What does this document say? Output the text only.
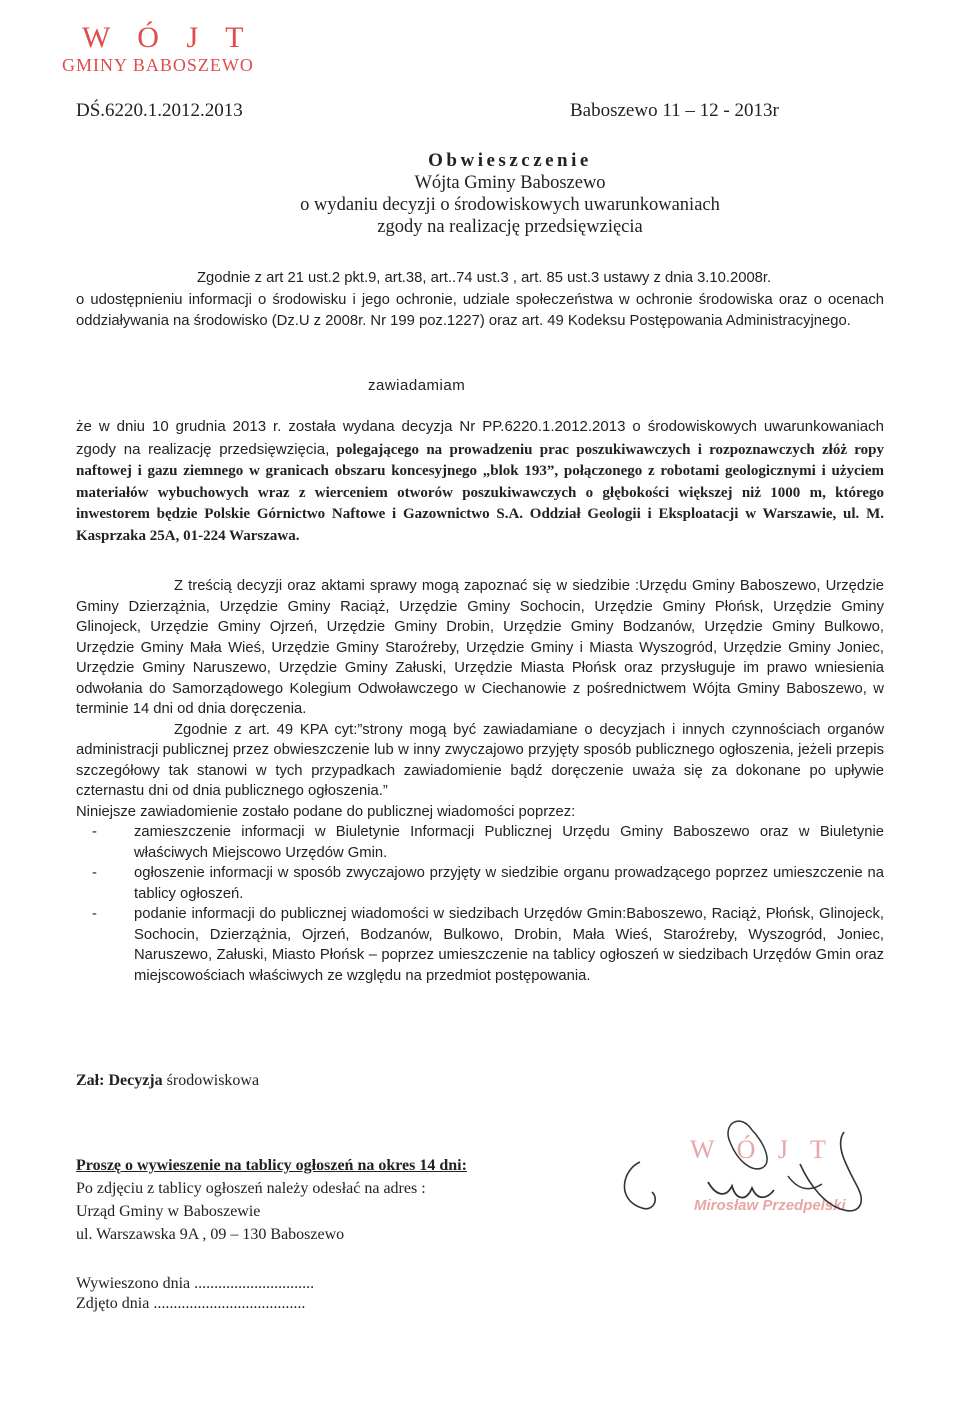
W Ó J T
GMINY BABOSZEWO
DŚ.6220.1.2012.2013	Baboszewo 11 – 12 - 2013r
Obwieszczenie
Wójta Gminy Baboszewo
o wydaniu decyzji o środowiskowych uwarunkowaniach
zgody na realizację przedsięwzięcia
Zgodnie z art 21 ust.2 pkt.9, art.38, art..74 ust.3 , art. 85 ust.3 ustawy z dnia 3.10.2008r.
o udostępnieniu informacji o środowisku i jego ochronie, udziale społeczeństwa w ochronie środowiska oraz o ocenach oddziaływania na środowisko (Dz.U z 2008r. Nr 199 poz.1227) oraz art. 49 Kodeksu Postępowania Administracyjnego.
zawiadamiam
że w dniu 10 grudnia 2013 r. została wydana decyzja Nr PP.6220.1.2012.2013 o środowiskowych uwarunkowaniach zgody na realizację przedsięwzięcia, polegającego na prowadzeniu prac poszukiwawczych i rozpoznawczych złóż ropy naftowej i gazu ziemnego w granicach obszaru koncesyjnego „blok 193”, połączonego z robotami geologicznymi i użyciem materiałów wybuchowych wraz z wierceniem otworów poszukiwawczych o głębokości większej niż 1000 m, którego inwestorem będzie Polskie Górnictwo Naftowe i Gazownictwo S.A. Oddział Geologii i Eksploatacji w Warszawie, ul. M. Kasprzaka 25A, 01-224 Warszawa.

Z treścią decyzji oraz aktami sprawy mogą zapoznać się w siedzibie :Urzędu Gminy Baboszewo, Urzędzie Gminy Dzierzążnia, Urzędzie Gminy Raciąż, Urzędzie Gminy Sochocin, Urzędzie Gminy Płońsk, Urzędzie Gminy Glinojeck, Urzędzie Gminy Ojrzeń, Urzędzie Gminy Drobin, Urzędzie Gminy Bodzanów, Urzędzie Gminy Bulkowo, Urzędzie Gminy Mała Wieś, Urzędzie Gminy Staroźreby, Urzędzie Gminy i Miasta Wyszogród, Urzędzie Gminy Joniec, Urzędzie Gminy Naruszewo, Urzędzie Gminy Załuski, Urzędzie Miasta Płońsk oraz przysługuje im prawo wniesienia odwołania do Samorządowego Kolegium Odwoławczego w Ciechanowie z pośrednictwem Wójta Gminy Baboszewo, w terminie 14 dni od dnia doręczenia.

Zgodnie z art. 49 KPA cyt:”strony mogą być zawiadamiane o decyzjach i innych czynnościach organów administracji publicznej przez obwieszczenie lub w inny zwyczajowo przyjęty sposób publicznego ogłoszenia, jeżeli przepis szczegółowy tak stanowi w tych przypadkach zawiadomienie bądź doręczenie uważa się za dokonane po upływie czternastu dni od dnia publicznego ogłoszenia.”

Niniejsze zawiadomienie zostało podane do publicznej wiadomości poprzez:

- zamieszczenie informacji w Biuletynie Informacji Publicznej Urzędu Gminy Baboszewo oraz w Biuletynie właściwych Miejscowo Urzędów Gmin.
- ogłoszenie informacji w sposób zwyczajowo przyjęty w siedzibie organu prowadzącego poprzez umieszczenie na tablicy ogłoszeń.
- podanie informacji do publicznej wiadomości w siedzibach Urzędów Gmin:Baboszewo, Raciąż, Płońsk, Glinojeck, Sochocin, Dzierzążnia, Ojrzeń, Bodzanów, Bulkowo, Drobin, Mała Wieś, Staroźreby, Wyszogród, Joniec, Naruszewo, Załuski, Miasto Płońsk – poprzez umieszczenie na tablicy ogłoszeń w siedzibach Urzędów Gmin oraz miejscowościach właściwych ze względu na przedmiot postępowania.
Zał: Decyzja środowiskowa
Proszę o wywieszenie na tablicy ogłoszeń na okres 14 dni:
Po zdjęciu z tablicy ogłoszeń należy odesłać na adres :
Urząd Gminy w Baboszewie
ul. Warszawska 9A , 09 – 130 Baboszewo
Wywieszono dnia ..............................
Zdjęto dnia ......................................
W Ó J T
Mirosław Przedpelski
